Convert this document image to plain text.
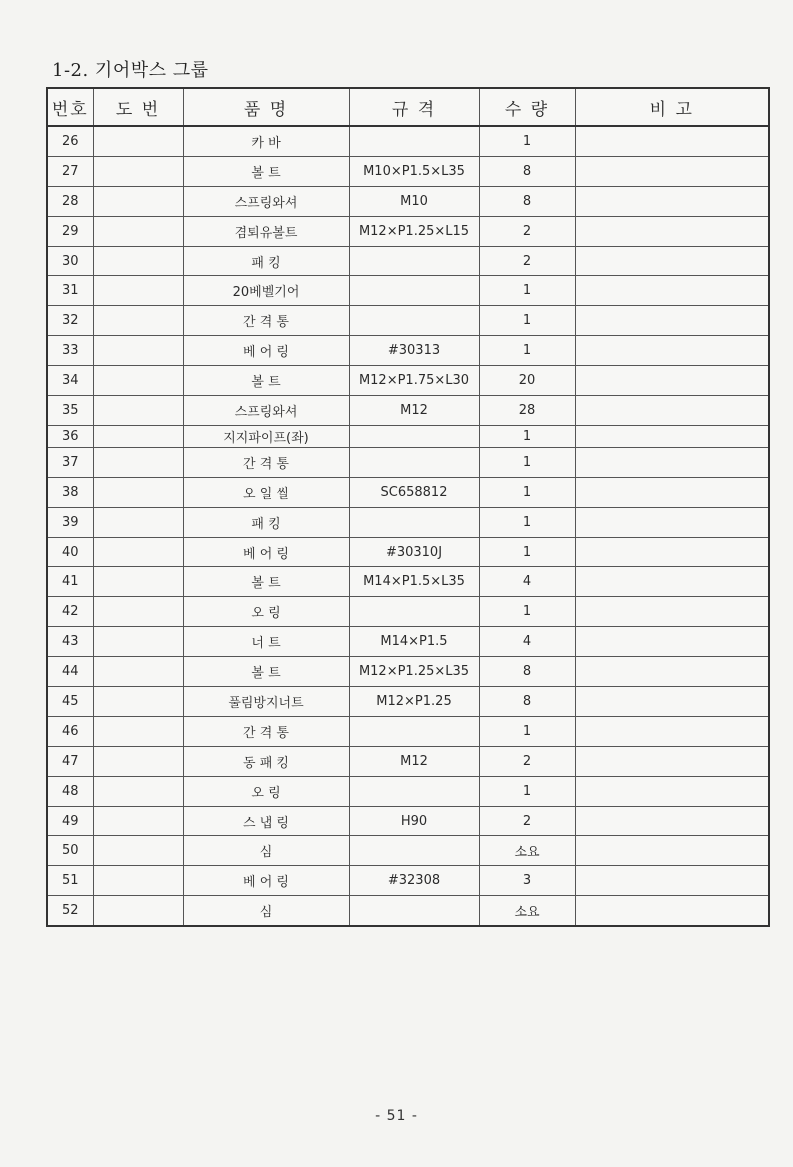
1-2. 기어박스 그룹
번호	도 번	품 명	규 격	수 량	비 고
26		카 바		1	
27		볼 트	M10×P1.5×L35	8	
28		스프링와셔	M10	8	
29		겸퇴유볼트	M12×P1.25×L15	2	
30		패 킹		2	
31		20베벨기어		1	
32		간 격 통		1	
33		베 어 링	#30313	1	
34		볼 트	M12×P1.75×L30	20	
35		스프링와셔	M12	28	
36		지지파이프(좌)		1	
37		간 격 통		1	
38		오 일 씰	SC658812	1	
39		패 킹		1	
40		베 어 링	#30310J	1	
41		볼 트	M14×P1.5×L35	4	
42		오 링		1	
43		너 트	M14×P1.5	4	
44		볼 트	M12×P1.25×L35	8	
45		풀림방지너트	M12×P1.25	8	
46		간 격 통		1	
47		동 패 킹	M12	2	
48		오 링		1	
49		스 냅 링	H90	2	
50		심		소요	
51		베 어 링	#32308	3	
52		심		소요	
- 51 -
